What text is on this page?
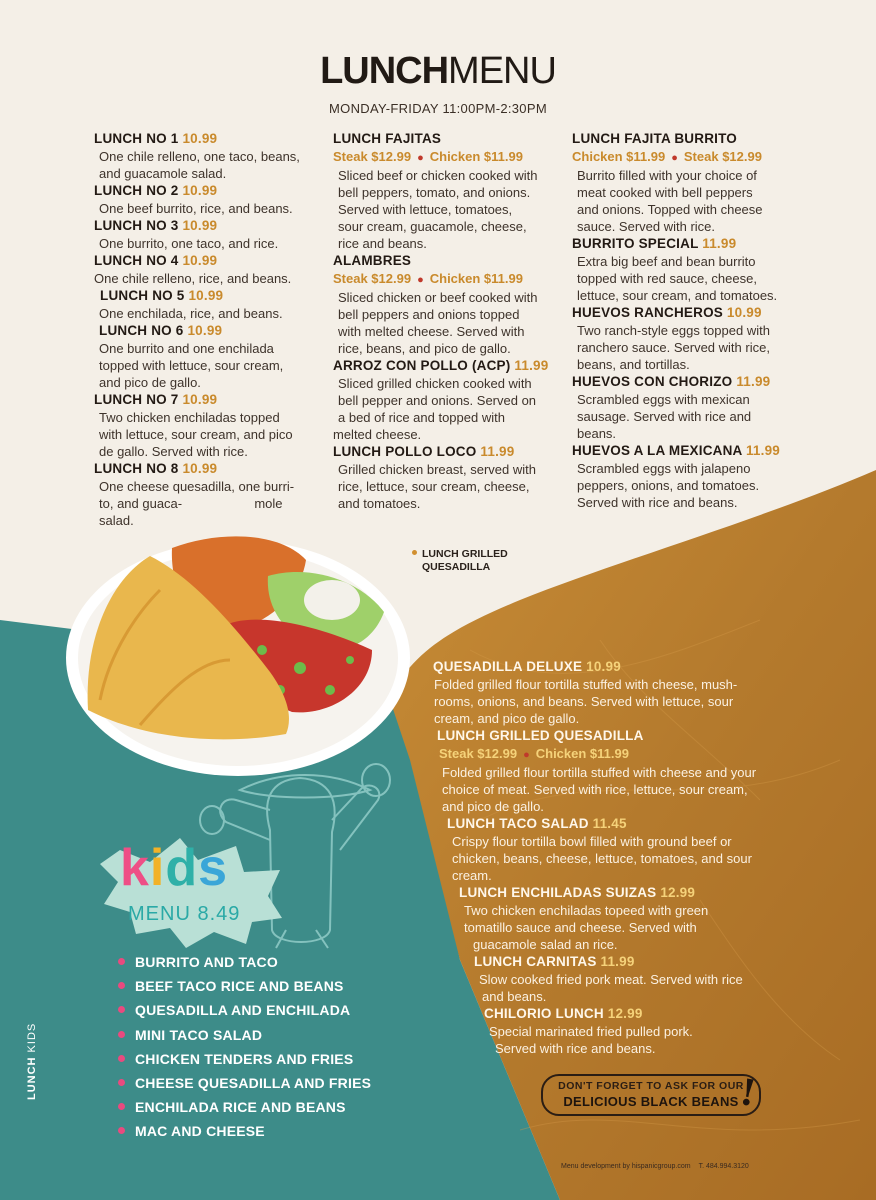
LUNCHMENU
MONDAY-FRIDAY 11:00PM-2:30PM
LUNCH NO 1 10.99
One chile relleno, one taco, beans,
and guacamole salad.
LUNCH NO 2 10.99
One beef burrito, rice, and beans.
LUNCH NO 3 10.99
One burrito, one taco, and rice.
LUNCH NO 4 10.99
One chile relleno, rice, and beans.
LUNCH NO 5 10.99
One enchilada, rice, and beans.
LUNCH NO 6 10.99
One burrito and one enchilada
topped with lettuce, sour cream,
and pico de gallo.
LUNCH NO 7 10.99
Two chicken enchiladas topped
with lettuce, sour cream, and pico
de gallo. Served with rice.
LUNCH NO 8 10.99
One cheese quesadilla, one burri-
to, and guaca-                    mole
salad.
LUNCH FAJITAS
Steak $12.99 ● Chicken $11.99
Sliced beef or chicken cooked with
bell peppers, tomato, and onions.
Served with lettuce, tomatoes,
sour cream, guacamole, cheese,
rice and beans.
ALAMBRES
Steak $12.99 ● Chicken $11.99
Sliced chicken or beef cooked with
bell peppers and onions topped
with melted cheese. Served with
rice, beans, and pico de gallo.
ARROZ CON POLLO (ACP) 11.99
Sliced grilled chicken cooked with
bell pepper and onions. Served on
a bed of rice and topped with
melted cheese.
LUNCH POLLO LOCO 11.99
Grilled chicken breast, served with
rice, lettuce, sour cream, cheese,
and tomatoes.
LUNCH FAJITA BURRITO
Chicken $11.99 ● Steak $12.99
Burrito filled with your choice of
meat cooked with bell peppers
and onions. Topped with cheese
sauce. Served with rice.
BURRITO SPECIAL 11.99
Extra big beef and bean burrito
topped with red sauce, cheese,
lettuce, sour cream, and tomatoes.
HUEVOS RANCHEROS 10.99
Two ranch-style eggs topped with
ranchero sauce. Served with rice,
beans, and tortillas.
HUEVOS CON CHORIZO 11.99
Scrambled eggs with mexican
sausage. Served with rice and
beans.
HUEVOS A LA MEXICANA 11.99
Scrambled eggs with jalapeno
peppers, onions, and tomatoes.
Served with rice and beans.
LUNCH GRILLED
QUESADILLA
QUESADILLA DELUXE 10.99
Folded grilled flour tortilla stuffed with cheese, mush-
rooms, onions, and beans. Served with lettuce, sour
cream, and pico de gallo.
LUNCH GRILLED QUESADILLA
Steak $12.99 ● Chicken $11.99
Folded grilled flour tortilla stuffed with cheese and your
choice of meat. Served with rice, lettuce, sour cream,
and pico de gallo.
LUNCH TACO SALAD 11.45
Crispy flour tortilla bowl filled with ground beef or
chicken, beans, cheese, lettuce, tomatoes, and sour
cream.
LUNCH ENCHILADAS SUIZAS 12.99
Two chicken enchiladas topeed with green
tomatillo sauce and cheese. Served with
guacamole salad an rice.
LUNCH CARNITAS 11.99
Slow cooked fried pork meat. Served with rice
and beans.
CHILORIO LUNCH 12.99
Special marinated fried pulled pork.
Served with rice and beans.
kids
MENU 8.49
BURRITO AND TACO
BEEF TACO RICE AND BEANS
QUESADILLA AND ENCHILADA
MINI TACO SALAD
CHICKEN TENDERS AND FRIES
CHEESE QUESADILLA AND FRIES
ENCHILADA RICE AND BEANS
MAC AND CHEESE
LUNCH KIDS
DON'T FORGET TO ASK FOR OUR
DELICIOUS BLACK BEANS
!
Menu development by hispanicgroup.com T. 484.994.3120
